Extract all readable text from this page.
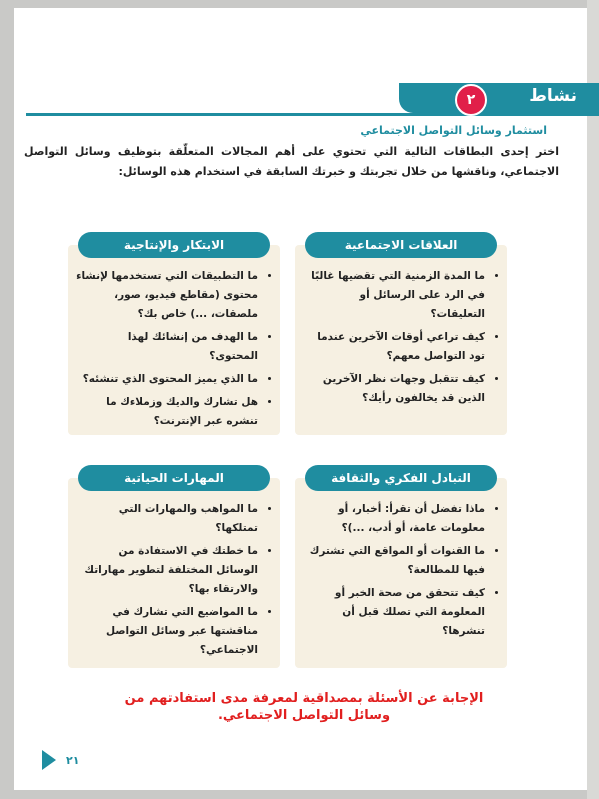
نشاط
٢
استثمار وسائل التواصل الاجتماعي

اختر إحدى البطاقات التالية التي تحتوي على أهم المجالات المتعلّقة بتوظيف وسائل التواصل الاجتماعي، وناقشها من خلال تجربتك و خبرتك السابقة في استخدام هذه الوسائل:

العلاقات الاجتماعية
• ما المدة الزمنية التي تقضيها غالبًا في الرد على الرسائل أو التعليقات؟
• كيف تراعي أوقات الآخرين عندما تود التواصل معهم؟
• كيف تتقبل وجهات نظر الآخرين الذين قد يخالفون رأيك؟
الابتكار والإنتاجية
• ما التطبيقات التي تستخدمها لإنشاء محتوى (مقاطع فيديو، صور، ملصقات، ...) خاص بك؟
• ما الهدف من إنشائك لهذا المحتوى؟
• ما الذي يميز المحتوى الذي تنشئه؟
• هل تشارك والديك وزملاءك ما تنشره عبر الإنترنت؟
التبادل الفكري والثقافة
• ماذا تفضل أن تقرأ: أخبار، أو معلومات عامة، أو أدب، ...)؟
• ما القنوات أو المواقع التي تشترك فيها للمطالعة؟
• كيف تتحقق من صحة الخبر أو المعلومة التي تصلك قبل أن تنشرها؟
المهارات الحياتية
• ما المواهب والمهارات التي تمتلكها؟
• ما خطتك في الاستفادة من الوسائل المختلفة لتطوير مهاراتك والارتقاء بها؟
• ما المواضيع التي تشارك في مناقشتها عبر وسائل التواصل الاجتماعي؟

الإجابة عن الأسئلة بمصداقية لمعرفة مدى استفادتهم من وسائل التواصل الاجتماعي.

٢١
